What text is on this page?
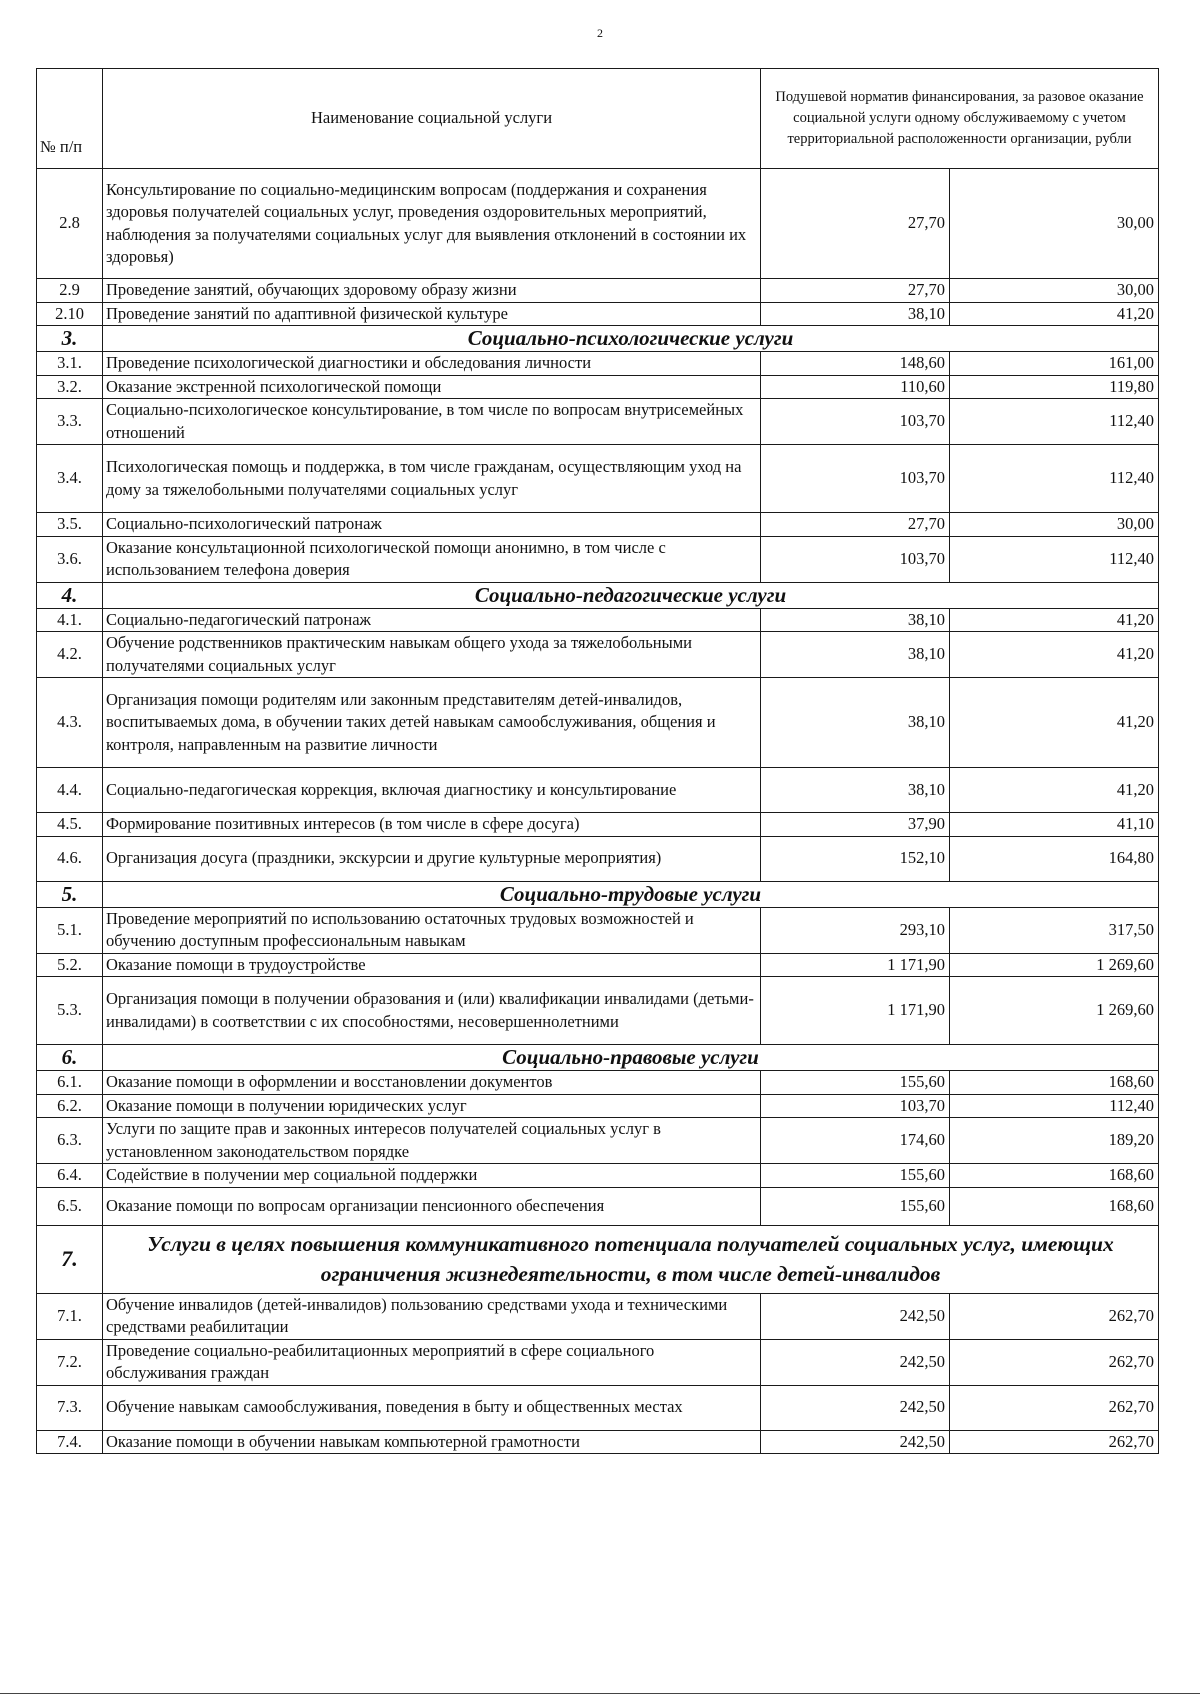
2
№ п/п	Наименование социальной услуги	Подушевой норматив финансирования, за разовое оказание социальной услуги одному обслуживаемому с учетом территориальной расположенности организации, рубли	

2.8	Консультирование по социально-медицинским вопросам (поддержания и сохранения здоровья получателей социальных услуг, проведения оздоровительных мероприятий, наблюдения за получателями социальных услуг для выявления отклонений в состоянии их здоровья)	27,70	30,00
2.9	Проведение занятий, обучающих здоровому образу жизни	27,70	30,00
2.10	Проведение занятий по адаптивной физической культуре	38,10	41,20
3.	Социально-психологические услуги		
3.1.	Проведение психологической диагностики и обследования личности	148,60	161,00
3.2.	Оказание экстренной психологической помощи	110,60	119,80
3.3.	Социально-психологическое консультирование, в том числе по вопросам внутрисемейных отношений	103,70	112,40
3.4.	Психологическая помощь и поддержка, в том числе гражданам, осуществляющим уход на дому за тяжелобольными получателями социальных услуг	103,70	112,40
3.5.	Социально-психологический патронаж	27,70	30,00
3.6.	Оказание консультационной психологической помощи анонимно, в том числе с использованием телефона доверия	103,70	112,40
4.	Социально-педагогические услуги		
4.1.	Социально-педагогический патронаж	38,10	41,20
4.2.	Обучение родственников практическим навыкам общего ухода за тяжелобольными получателями социальных услуг	38,10	41,20
4.3.	Организация помощи родителям или законным представителям детей-инвалидов, воспитываемых дома, в обучении таких детей навыкам самообслуживания, общения и контроля, направленным на развитие личности	38,10	41,20
4.4.	Социально-педагогическая коррекция, включая диагностику и консультирование	38,10	41,20
4.5.	Формирование позитивных интересов (в том числе в сфере досуга)	37,90	41,10
4.6.	Организация досуга (праздники, экскурсии и другие культурные мероприятия)	152,10	164,80
5.	Социально-трудовые услуги		
5.1.	Проведение мероприятий по использованию остаточных трудовых возможностей и обучению доступным профессиональным навыкам	293,10	317,50
5.2.	Оказание помощи в трудоустройстве	1 171,90	1 269,60
5.3.	Организация помощи в получении образования и (или) квалификации инвалидами (детьми-инвалидами) в соответствии с их способностями, несовершеннолетними	1 171,90	1 269,60
6.	Социально-правовые услуги		
6.1.	Оказание помощи в оформлении и восстановлении документов	155,60	168,60
6.2.	Оказание помощи в получении юридических услуг	103,70	112,40
6.3.	Услуги по защите прав и законных интересов получателей социальных услуг в установленном законодательством порядке	174,60	189,20
6.4.	Содействие в получении мер социальной поддержки	155,60	168,60
6.5.	Оказание помощи по вопросам организации пенсионного обеспечения	155,60	168,60
7.	Услуги в целях повышения коммуникативного потенциала получателей социальных услуг, имеющих ограничения жизнедеятельности, в том числе детей-инвалидов		
7.1.	Обучение инвалидов (детей-инвалидов) пользованию средствами ухода и техническими средствами реабилитации	242,50	262,70
7.2.	Проведение социально-реабилитационных мероприятий в сфере социального обслуживания граждан	242,50	262,70
7.3.	Обучение навыкам самообслуживания, поведения в быту и общественных местах	242,50	262,70
7.4.	Оказание помощи в обучении навыкам компьютерной грамотности	242,50	262,70
